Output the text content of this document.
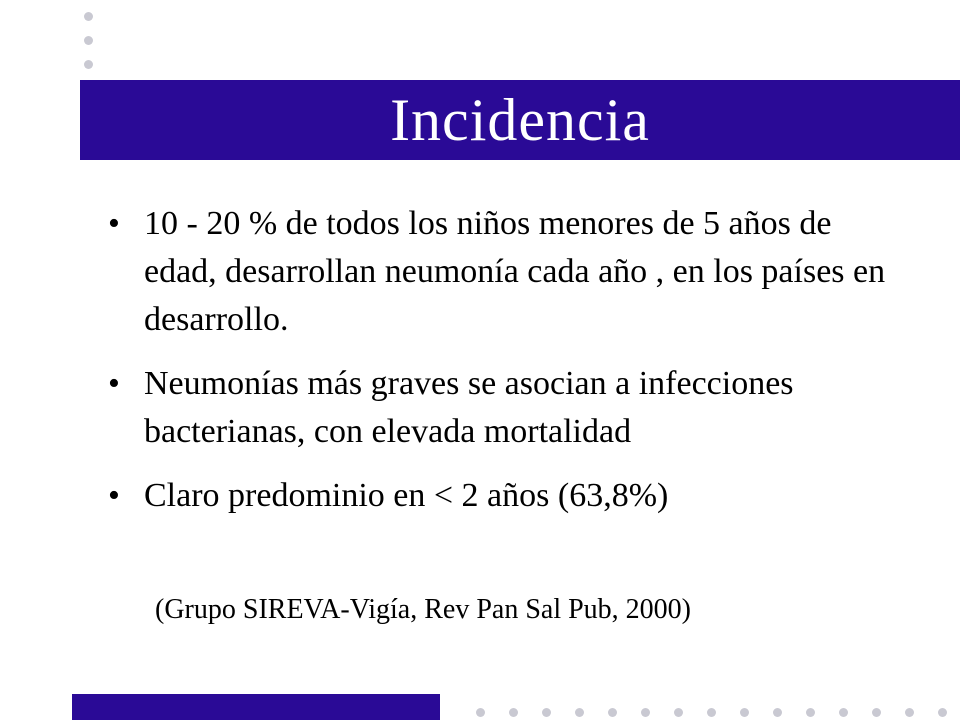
Incidencia
• 10 - 20 % de todos los niños menores de 5 años de edad, desarrollan neumonía cada año , en los países en desarrollo.
• Neumonías más graves se asocian a infecciones bacterianas, con elevada mortalidad
• Claro predominio en < 2 años (63,8%)

(Grupo SIREVA-Vigía, Rev Pan Sal Pub, 2000)
